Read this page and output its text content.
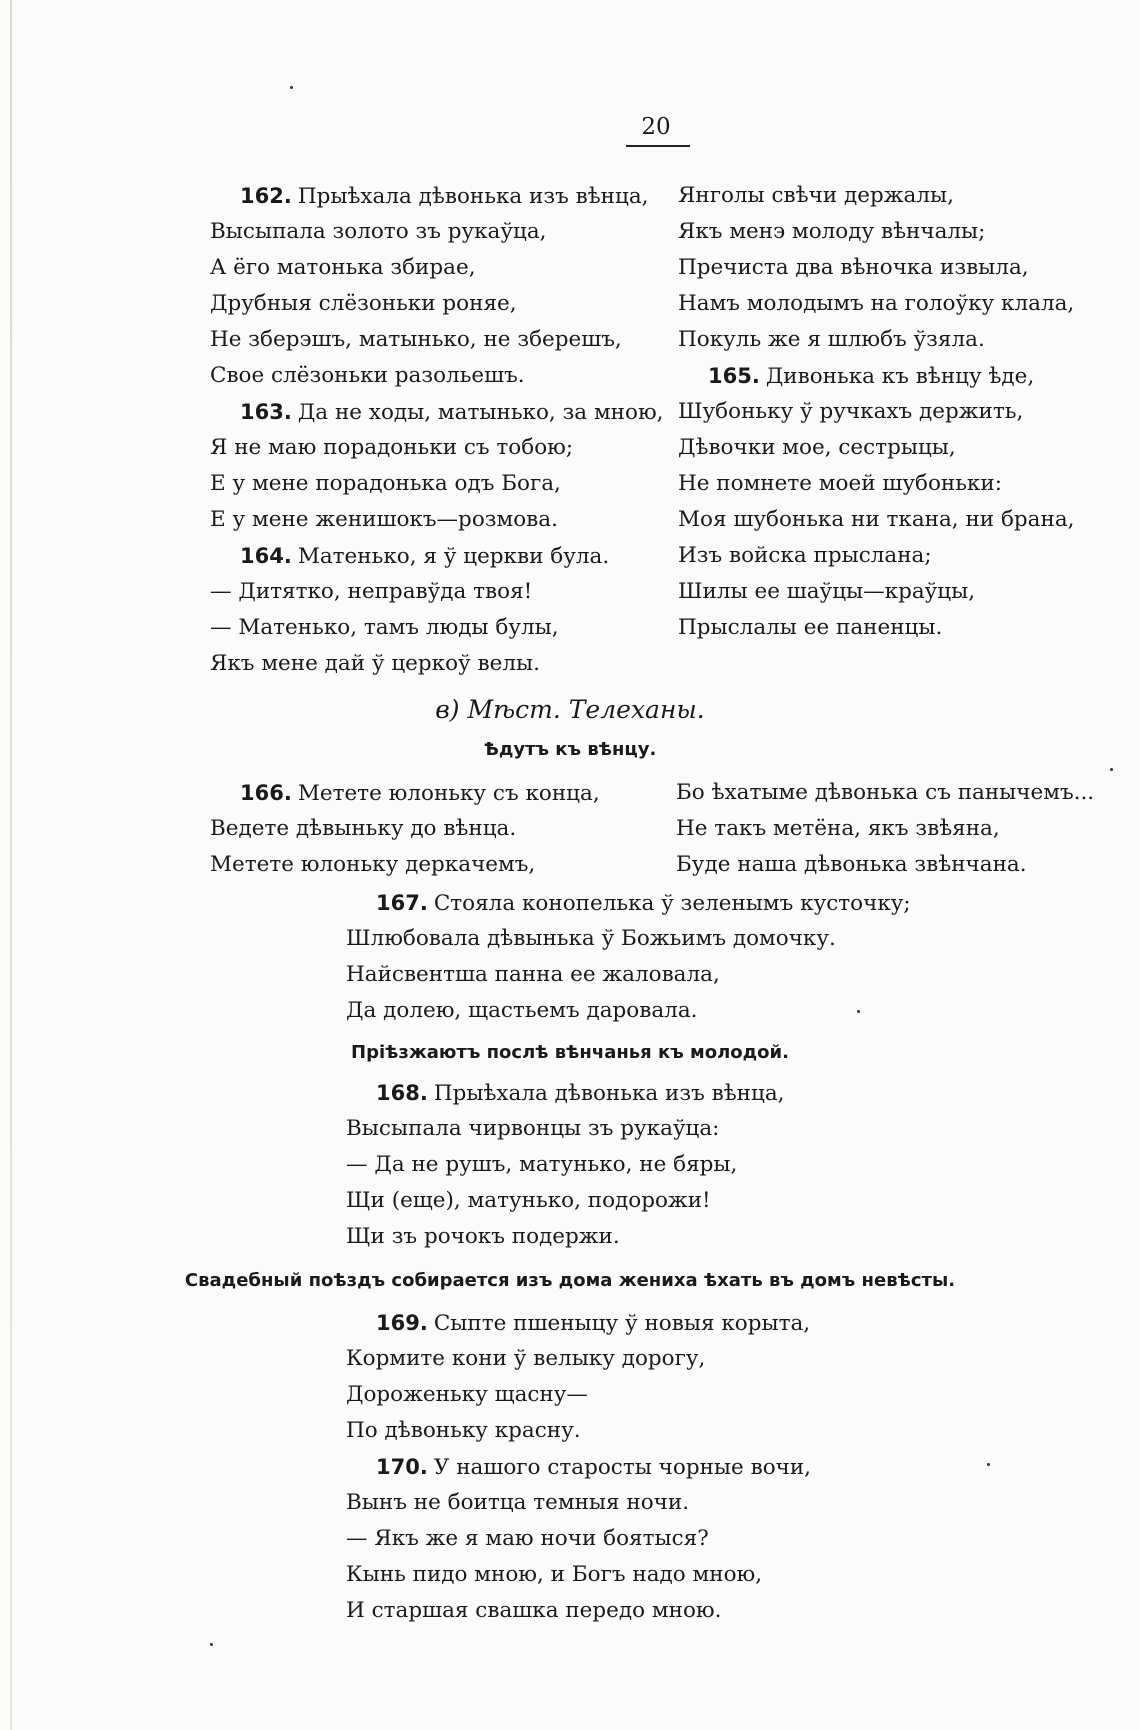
20
162. Прыѣхала дѣвонька изъ вѣнца,
Высыпала золото зъ рукаўца,
А ёго матонька збирае,
Друбныя слёзоньки роняе,
Не зберэшъ, матынько, не зберешъ,
Свое слёзоньки разольешъ.
163. Да не ходы, матынько, за мною,
Я не маю порадоньки съ тобою;
Е у мене порадонька одъ Бога,
Е у мене женишокъ—розмова.
164. Матенько, я ў церкви була.
— Дитятко, неправўда твоя!
— Матенько, тамъ люды булы,
Якъ мене дай ў церкоў велы.
Янголы свѣчи держалы,
Якъ менэ молоду вѣнчалы;
Пречиста два вѣночка извыла,
Намъ молодымъ на голоўку клала,
Покуль же я шлюбъ ўзяла.
165. Дивонька къ вѣнцу ѣде,
Шубоньку ў ручкахъ держить,
Дѣвочки мое, сестрыцы,
Не помнете моей шубоньки:
Моя шубонька ни ткана, ни брана,
Изъ войска прыслана;
Шилы ее шаўцы—краўцы,
Прыслалы ее паненцы.
в) Мѣст. Телеханы.
Ѣдутъ къ вѣнцу.
166. Метете юлоньку съ конца,
Ведете дѣвыньку до вѣнца.
Метете юлоньку деркачемъ,
Бо ѣхатыме дѣвонька съ панычемъ...
Не такъ метёна, якъ звѣяна,
Буде наша дѣвонька звѣнчана.
167. Стояла конопелька ў зеленымъ кусточку;
Шлюбовала дѣвынька ў Божьимъ домочку.
Найсвентша панна ее жаловала,
Да долею, щастьемъ даровала.
Пріѣзжаютъ послѣ вѣнчанья къ молодой.
168. Прыѣхала дѣвонька изъ вѣнца,
Высыпала чирвонцы зъ рукаўца:
— Да не рушъ, матунько, не бяры,
Щи (еще), матунько, подорожи!
Щи зъ рочокъ подержи.
Свадебный поѣздъ собирается изъ дома жениха ѣхать въ домъ невѣсты.
169. Сыпте пшеныцу ў новыя корыта,
Кормите кони ў велыку дорогу,
Дороженьку щасну—
По дѣвоньку красну.
170. У нашого старосты чорные вочи,
Вынъ не боитца темныя ночи.
— Якъ же я маю ночи боятыся?
Кынь пидо мною, и Богъ надо мною,
И старшая свашка передо мною.
